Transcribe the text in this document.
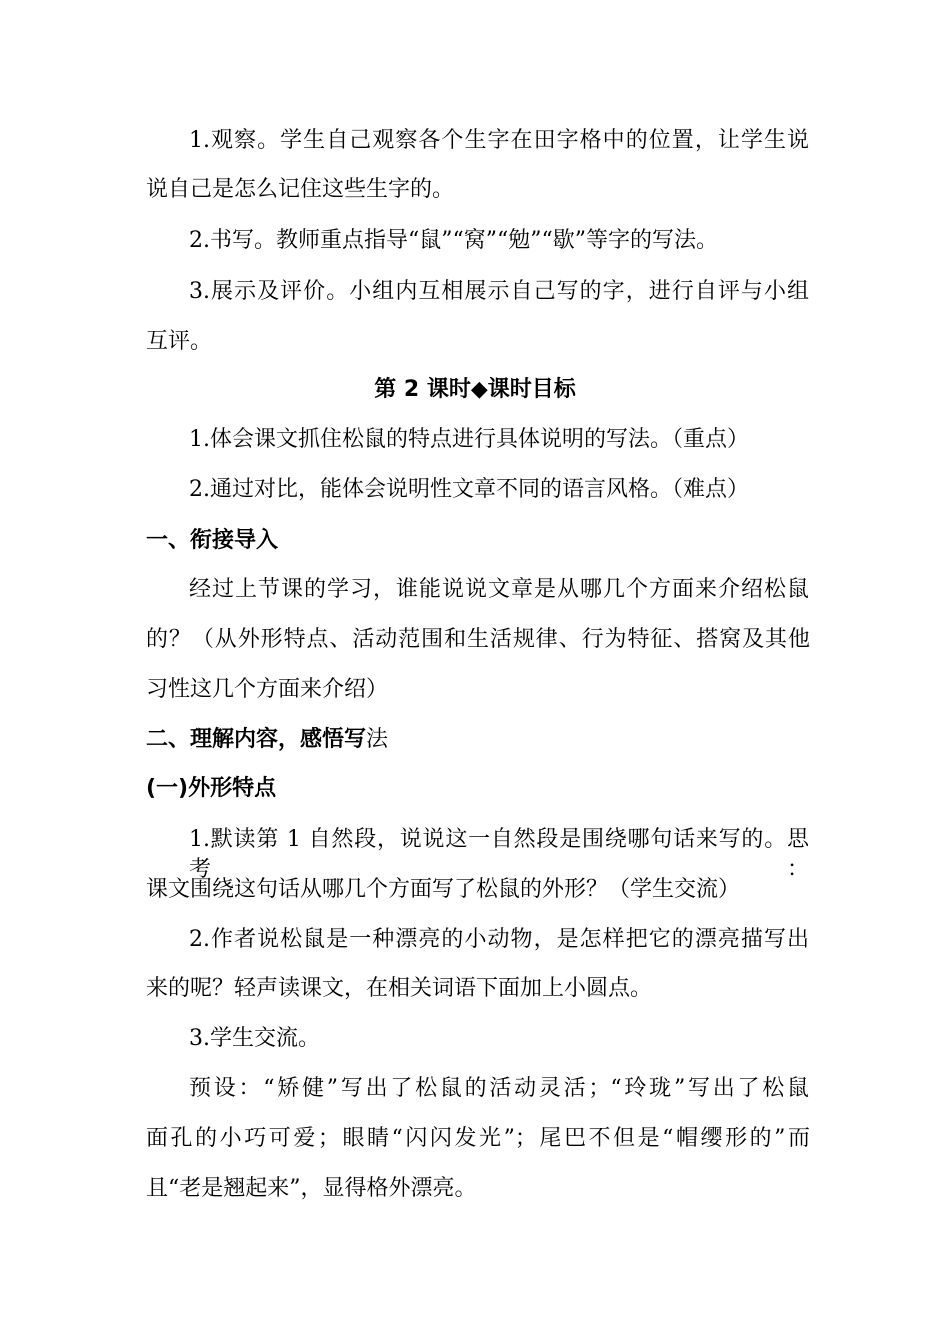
1.观察。学生自己观察各个生字在田字格中的位置，让学生说
说自己是怎么记住这些生字的。
2.书写。教师重点指导“鼠”“窝”“勉”“歇”等字的写法。
3.展示及评价。小组内互相展示自己写的字，进行自评与小组
互评。
第 2 课时◆课时目标
1.体会课文抓住松鼠的特点进行具体说明的写法。（重点）
2.通过对比，能体会说明性文章不同的语言风格。（难点）
一、衔接导入
经过上节课的学习，谁能说说文章是从哪几个方面来介绍松鼠
的？（从外形特点、活动范围和生活规律、行为特征、搭窝及其他
习性这几个方面来介绍）
二、理解内容，感悟写法
(一)外形特点
1.默读第 1 自然段，说说这一自然段是围绕哪句话来写的。思考：
课文围绕这句话从哪几个方面写了松鼠的外形？（学生交流）
2.作者说松鼠是一种漂亮的小动物，是怎样把它的漂亮描写出
来的呢？轻声读课文，在相关词语下面加上小圆点。
3.学生交流。
预设：“矫健”写出了松鼠的活动灵活；“玲珑”写出了松鼠
面孔的小巧可爱；眼睛“闪闪发光”；尾巴不但是“帽缨形的”而
且“老是翘起来”，显得格外漂亮。
